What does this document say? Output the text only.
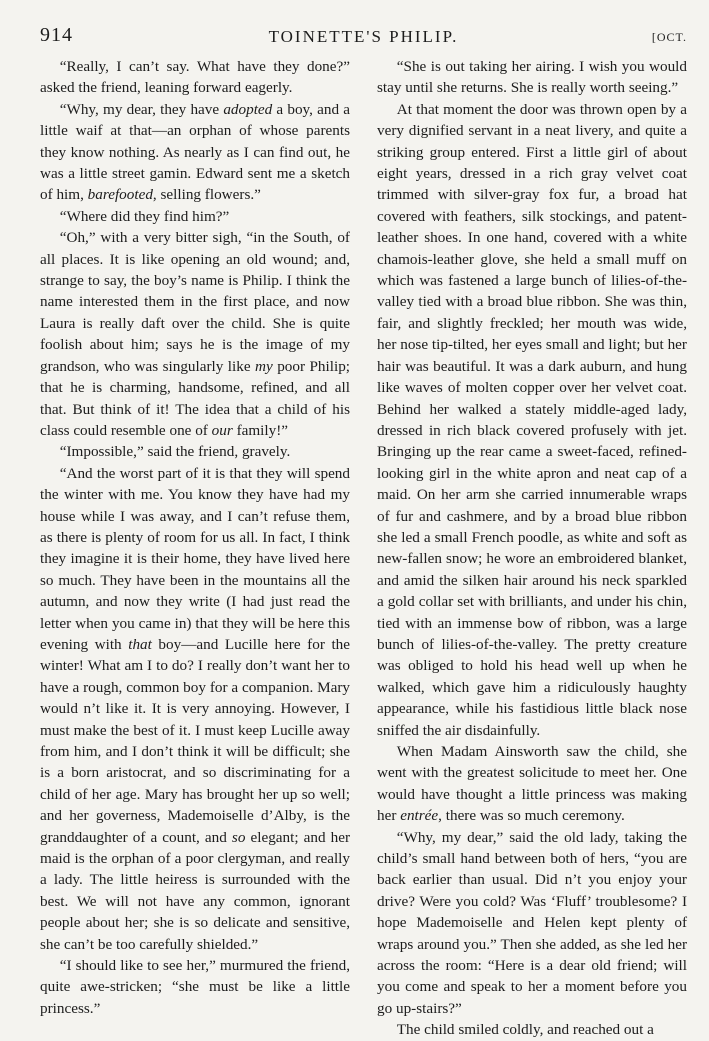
914	TOINETTE'S PHILIP.	[OCT.

“Really, I can’t say. What have they done?” asked the friend, leaning forward eagerly.

“Why, my dear, they have adopted a boy, and a little waif at that—an orphan of whose parents they know nothing. As nearly as I can find out, he was a little street gamin. Edward sent me a sketch of him, barefooted, selling flowers.”

“Where did they find him?”

“Oh,” with a very bitter sigh, “in the South, of all places. It is like opening an old wound; and, strange to say, the boy’s name is Philip. I think the name interested them in the first place, and now Laura is really daft over the child. She is quite foolish about him; says he is the image of my grandson, who was singularly like my poor Philip; that he is charming, handsome, refined, and all that. But think of it! The idea that a child of his class could resemble one of our family!”

“Impossible,” said the friend, gravely.

“And the worst part of it is that they will spend the winter with me. You know they have had my house while I was away, and I can’t refuse them, as there is plenty of room for us all. In fact, I think they imagine it is their home, they have lived here so much. They have been in the mountains all the autumn, and now they write (I had just read the letter when you came in) that they will be here this evening with that boy—and Lucille here for the winter! What am I to do? I really don’t want her to have a rough, common boy for a companion. Mary would n’t like it. It is very annoying. However, I must make the best of it. I must keep Lucille away from him, and I don’t think it will be difficult; she is a born aristocrat, and so discriminating for a child of her age. Mary has brought her up so well; and her governess, Mademoiselle d’Alby, is the granddaughter of a count, and so elegant; and her maid is the orphan of a poor clergyman, and really a lady. The little heiress is surrounded with the best. We will not have any common, ignorant people about her; she is so delicate and sensitive, she can’t be too carefully shielded.”

“I should like to see her,” murmured the friend, quite awe-stricken; “she must be like a little princess.”

“She is out taking her airing. I wish you would stay until she returns. She is really worth seeing.”

At that moment the door was thrown open by a very dignified servant in a neat livery, and quite a striking group entered. First a little girl of about eight years, dressed in a rich gray velvet coat trimmed with silver-gray fox fur, a broad hat covered with feathers, silk stockings, and patent-leather shoes. In one hand, covered with a white chamois-leather glove, she held a small muff on which was fastened a large bunch of lilies-of-the-valley tied with a broad blue ribbon. She was thin, fair, and slightly freckled; her mouth was wide, her nose tip-tilted, her eyes small and light; but her hair was beautiful. It was a dark auburn, and hung like waves of molten copper over her velvet coat. Behind her walked a stately middle-aged lady, dressed in rich black covered profusely with jet. Bringing up the rear came a sweet-faced, refined-looking girl in the white apron and neat cap of a maid. On her arm she carried innumerable wraps of fur and cashmere, and by a broad blue ribbon she led a small French poodle, as white and soft as new-fallen snow; he wore an embroidered blanket, and amid the silken hair around his neck sparkled a gold collar set with brilliants, and under his chin, tied with an immense bow of ribbon, was a large bunch of lilies-of-the-valley. The pretty creature was obliged to hold his head well up when he walked, which gave him a ridiculously haughty appearance, while his fastidious little black nose sniffed the air disdainfully.

When Madam Ainsworth saw the child, she went with the greatest solicitude to meet her. One would have thought a little princess was making her entrée, there was so much ceremony.

“Why, my dear,” said the old lady, taking the child’s small hand between both of hers, “you are back earlier than usual. Did n’t you enjoy your drive? Were you cold? Was ‘Fluff’ troublesome? I hope Mademoiselle and Helen kept plenty of wraps around you.” Then she added, as she led her across the room: “Here is a dear old friend; will you come and speak to her a moment before you go up-stairs?”

The child smiled coldly, and reached out a
